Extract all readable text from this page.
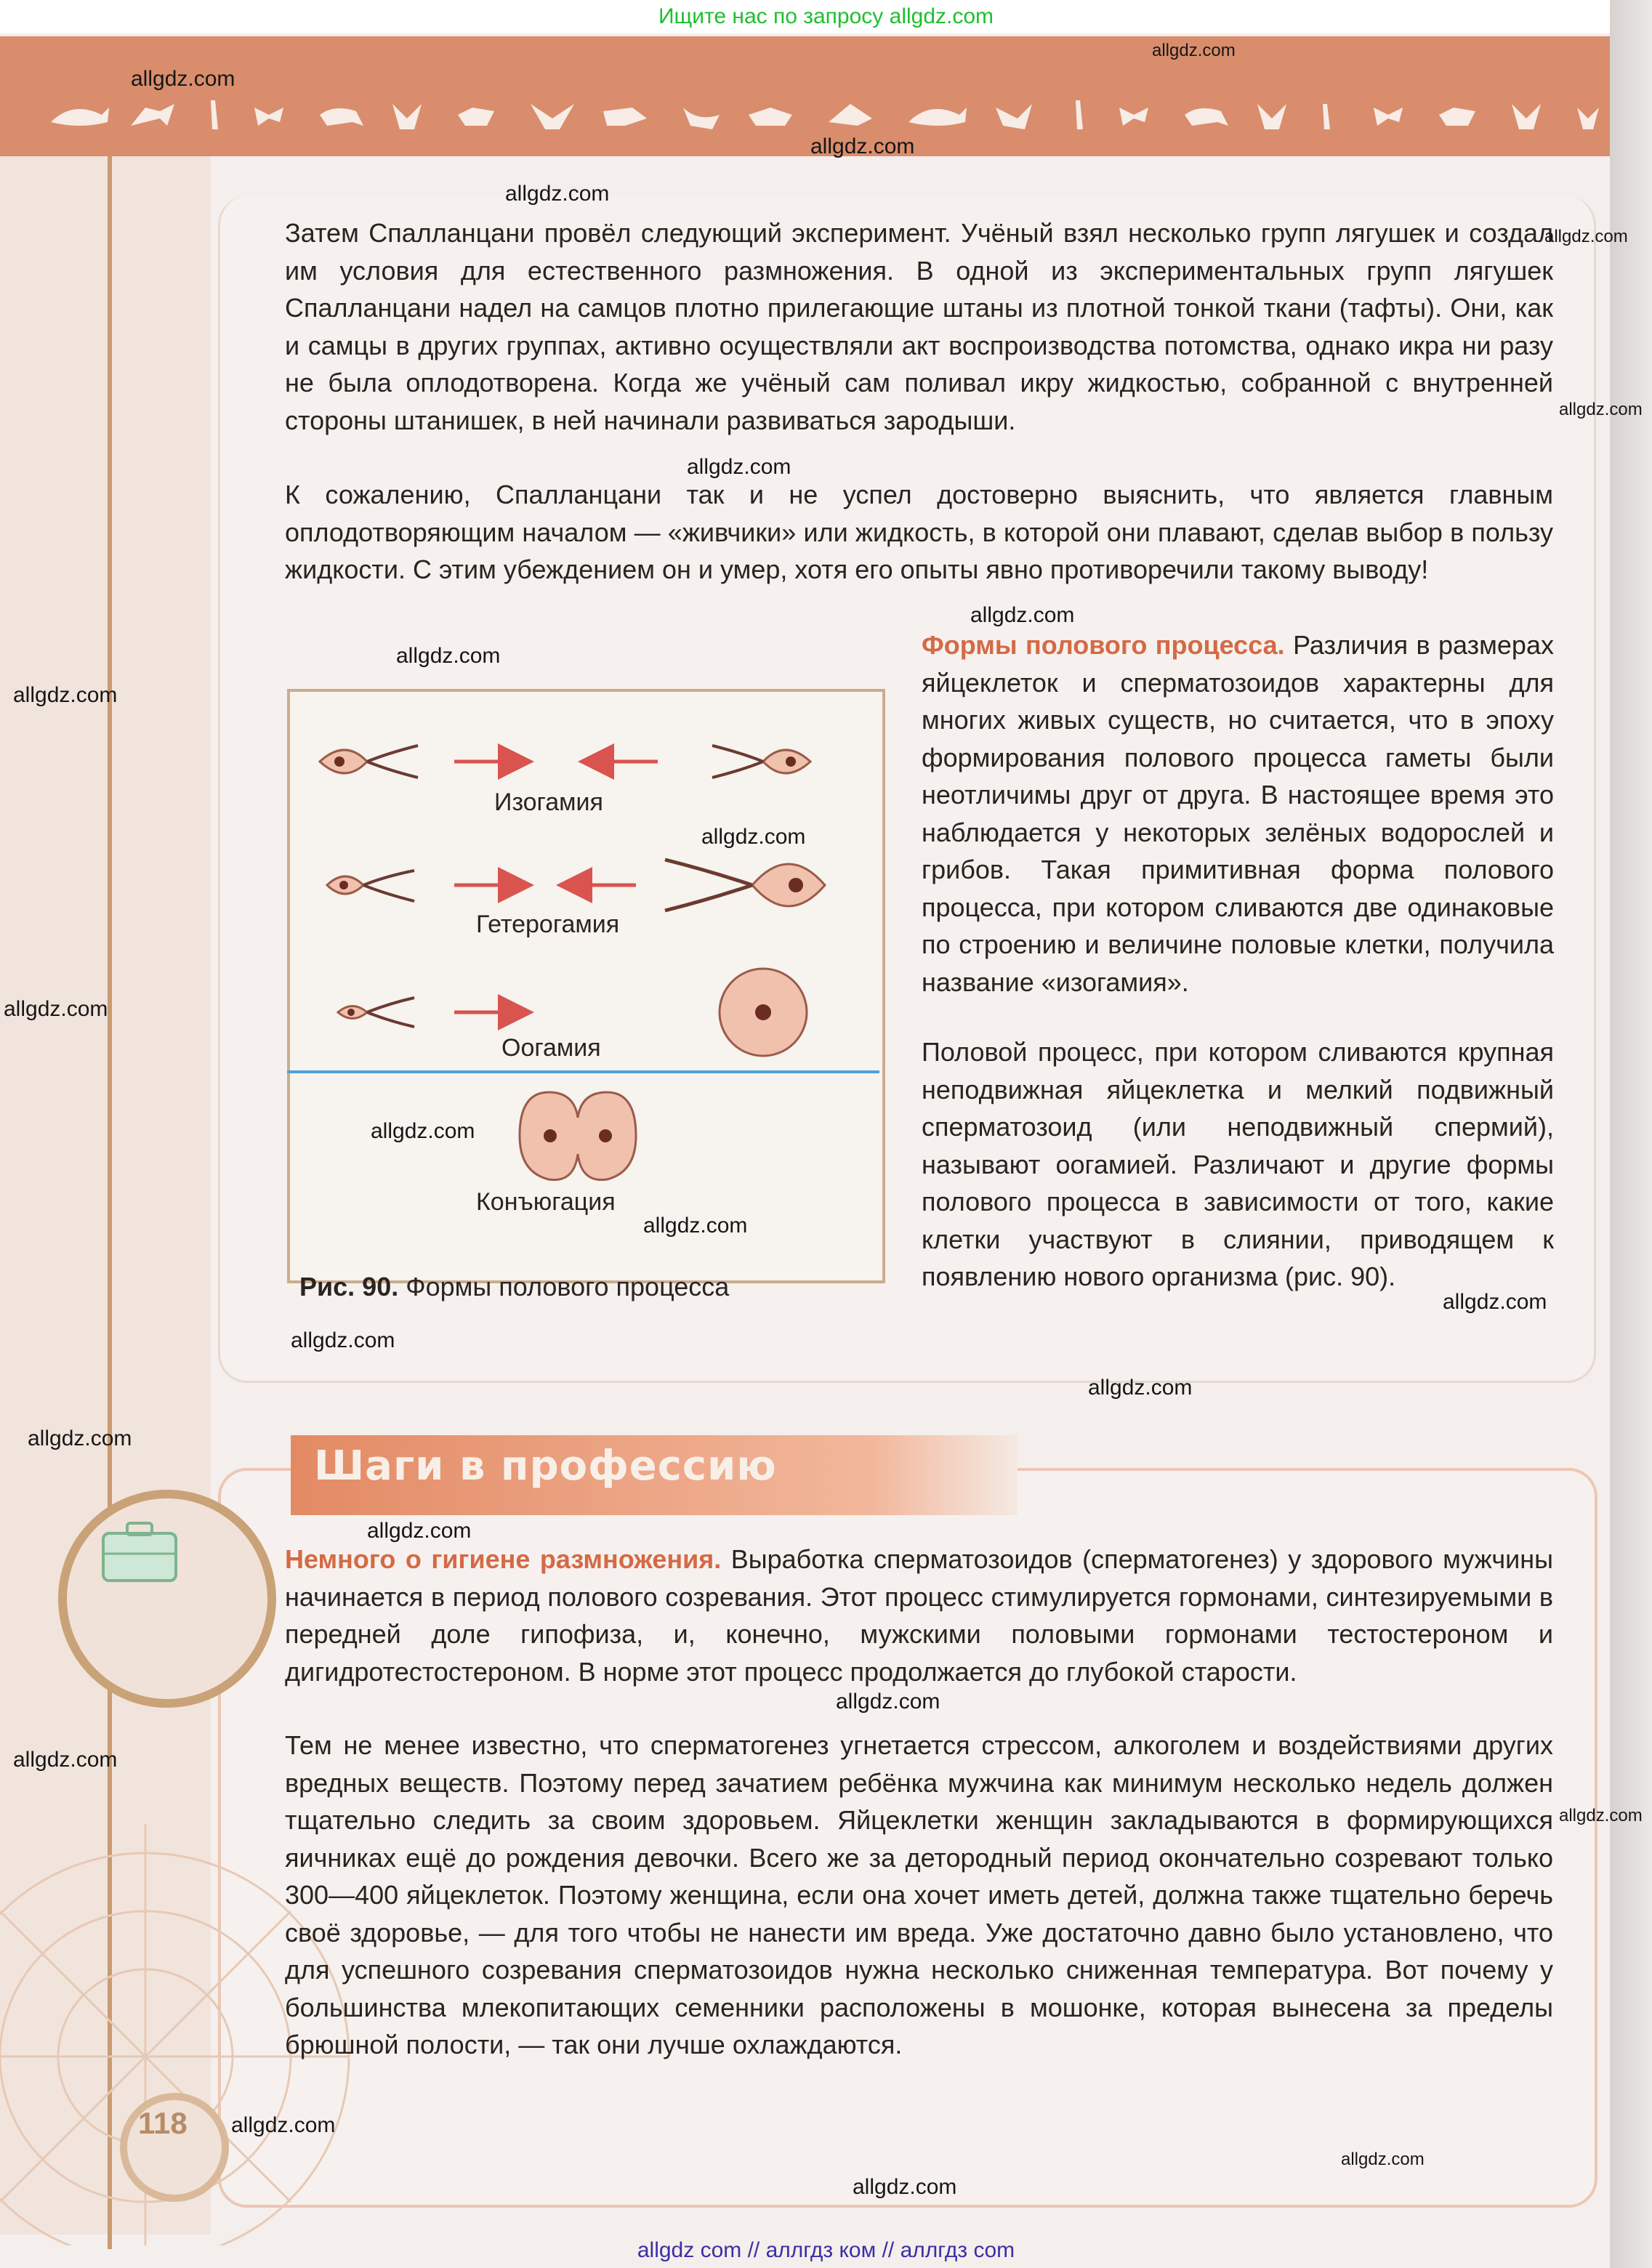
Ищите нас по запросу allgdz.com

Затем Спалланцани провёл следующий эксперимент. Учёный взял несколько групп лягушек и создал им условия для естественного размножения. В одной из экспериментальных групп лягушек Спалланцани надел на самцов плотно прилегающие штаны из плотной тонкой ткани (тафты). Они, как и самцы в других группах, активно осуществляли акт воспроизводства потомства, однако икра ни разу не была оплодотворена. Когда же учёный сам поливал икру жидкостью, собранной с внутренней стороны штанишек, в ней начинали развиваться зародыши.

К сожалению, Спалланцани так и не успел достоверно выяснить, что является главным оплодотворяющим началом — «живчики» или жидкость, в которой они плавают, сделав выбор в пользу жидкости. С этим убеждением он и умер, хотя его опыты явно противоречили такому выводу!

Формы полового процесса. Различия в размерах яйцеклеток и сперматозоидов характерны для многих живых существ, но считается, что в эпоху формирования полового процесса гаметы были неотличимы друг от друга. В настоящее время это наблюдается у некоторых зелёных водорослей и грибов. Такая примитивная форма полового процесса, при котором сливаются две одинаковые по строению и величине половые клетки, получила название «изогамия».

Половой процесс, при котором сливаются крупная неподвижная яйцеклетка и мелкий подвижный сперматозоид (или неподвижный спермий), называют оогамией. Различают и другие формы полового процесса в зависимости от того, какие клетки участвуют в слиянии, приводящем к появлению нового организма (рис. 90).

Изогамия
Гетерогамия
Оогамия
Конъюгация
Рис. 90. Формы полового процесса
Шаги в профессию

Немного о гигиене размножения. Выработка сперматозоидов (сперматогенез) у здорового мужчины начинается в период полового созревания. Этот процесс стимулируется гормонами, синтезируемыми в передней доле гипофиза, и, конечно, мужскими половыми гормонами тестостероном и дигидротестостероном. В норме этот процесс продолжается до глубокой старости.

Тем не менее известно, что сперматогенез угнетается стрессом, алкоголем и воздействиями других вредных веществ. Поэтому перед зачатием ребёнка мужчина как минимум несколько недель должен тщательно следить за своим здоровьем. Яйцеклетки женщин закладываются в формирующихся яичниках ещё до рождения девочки. Всего же за детородный период окончательно созревают только 300—400 яйцеклеток. Поэтому женщина, если она хочет иметь детей, должна также тщательно беречь своё здоровье, — для того чтобы не нанести им вреда. Уже достаточно давно было установлено, что для успешного созревания сперматозоидов нужна несколько сниженная температура. Вот почему у большинства млекопитающих семенники расположены в мошонке, которая вынесена за пределы брюшной полости, — так они лучше охлаждаются.

118
allgdz.com
allgdz.com
allgdz.com
allgdz.com
allgdz.com
allgdz.com
allgdz.com
allgdz.com
allgdz.com
allgdz.com
allgdz.com
allgdz.com
allgdz.com
allgdz.com
allgdz.com
allgdz.com
allgdz.com
allgdz.com
allgdz.com
allgdz.com
allgdz.com
allgdz.com
allgdz.com
allgdz.com
allgdz.com
allgdz com // аллгдз ком // аллгдз com
